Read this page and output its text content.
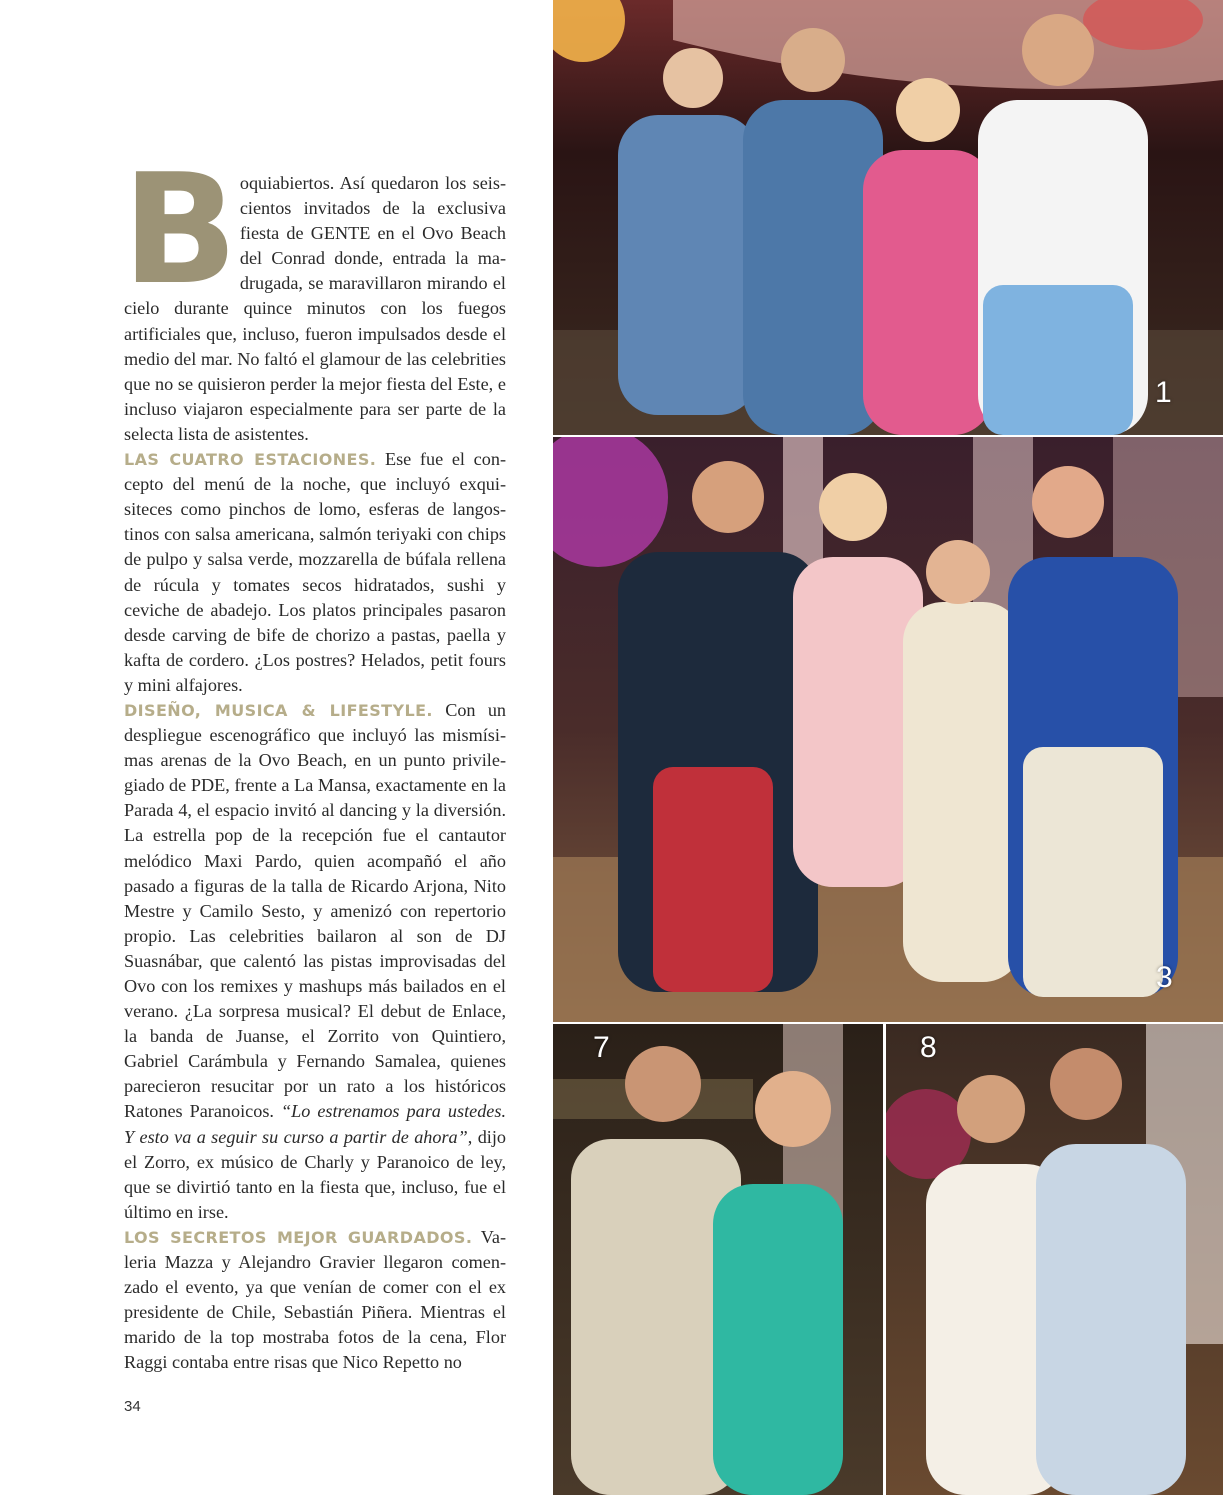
Boquiabiertos. Así quedaron los seiscientos invitados de la exclusiva fiesta de GENTE en el Ovo Beach del Conrad donde, entrada la madrugada, se maravillaron mirando el cielo durante quince minutos con los fuegos artificiales que, incluso, fueron impulsados desde el medio del mar. No faltó el glamour de las celebrities que no se quisieron perder la mejor fiesta del Este, e incluso viajaron especialmente para ser parte de la selecta lista de asistentes.

LAS CUATRO ESTACIONES. Ese fue el concepto del menú de la noche, que incluyó exquisiteces como pinchos de lomo, esferas de langostinos con salsa americana, salmón teriyaki con chips de pulpo y salsa verde, mozzarella de búfala rellena de rúcula y tomates secos hidratados, sushi y ceviche de abadejo. Los platos principales pasaron desde carving de bife de chorizo a pastas, paella y kafta de cordero. ¿Los postres? Helados, petit fours y mini alfajores.

DISEÑO, MUSICA & LIFESTYLE. Con un despliegue escenográfico que incluyó las mismísimas arenas de la Ovo Beach, en un punto privilegiado de PDE, frente a La Mansa, exactamente en la Parada 4, el espacio invitó al dancing y la diversión. La estrella pop de la recepción fue el cantautor melódico Maxi Pardo, quien acompañó el año pasado a figuras de la talla de Ricardo Arjona, Nito Mestre y Camilo Sesto, y amenizó con repertorio propio. Las celebrities bailaron al son de DJ Suasnábar, que calentó las pistas improvisadas del Ovo con los remixes y mashups más bailados en el verano. ¿La sorpresa musical? El debut de Enlace, la banda de Juanse, el Zorrito von Quintiero, Gabriel Carámbula y Fernando Samalea, quienes parecieron resucitar por un rato a los históricos Ratones Paranoicos. “Lo estrenamos para ustedes. Y esto va a seguir su curso a partir de ahora”, dijo el Zorro, ex músico de Charly y Paranoico de ley, que se divirtió tanto en la fiesta que, incluso, fue el último en irse.

LOS SECRETOS MEJOR GUARDADOS. Valeria Mazza y Alejandro Gravier llegaron comenzado el evento, ya que venían de comer con el ex presidente de Chile, Sebastián Piñera. Mientras el marido de la top mostraba fotos de la cena, Flor Raggi contaba entre risas que Nico Repetto no

34
1
3
7	8
